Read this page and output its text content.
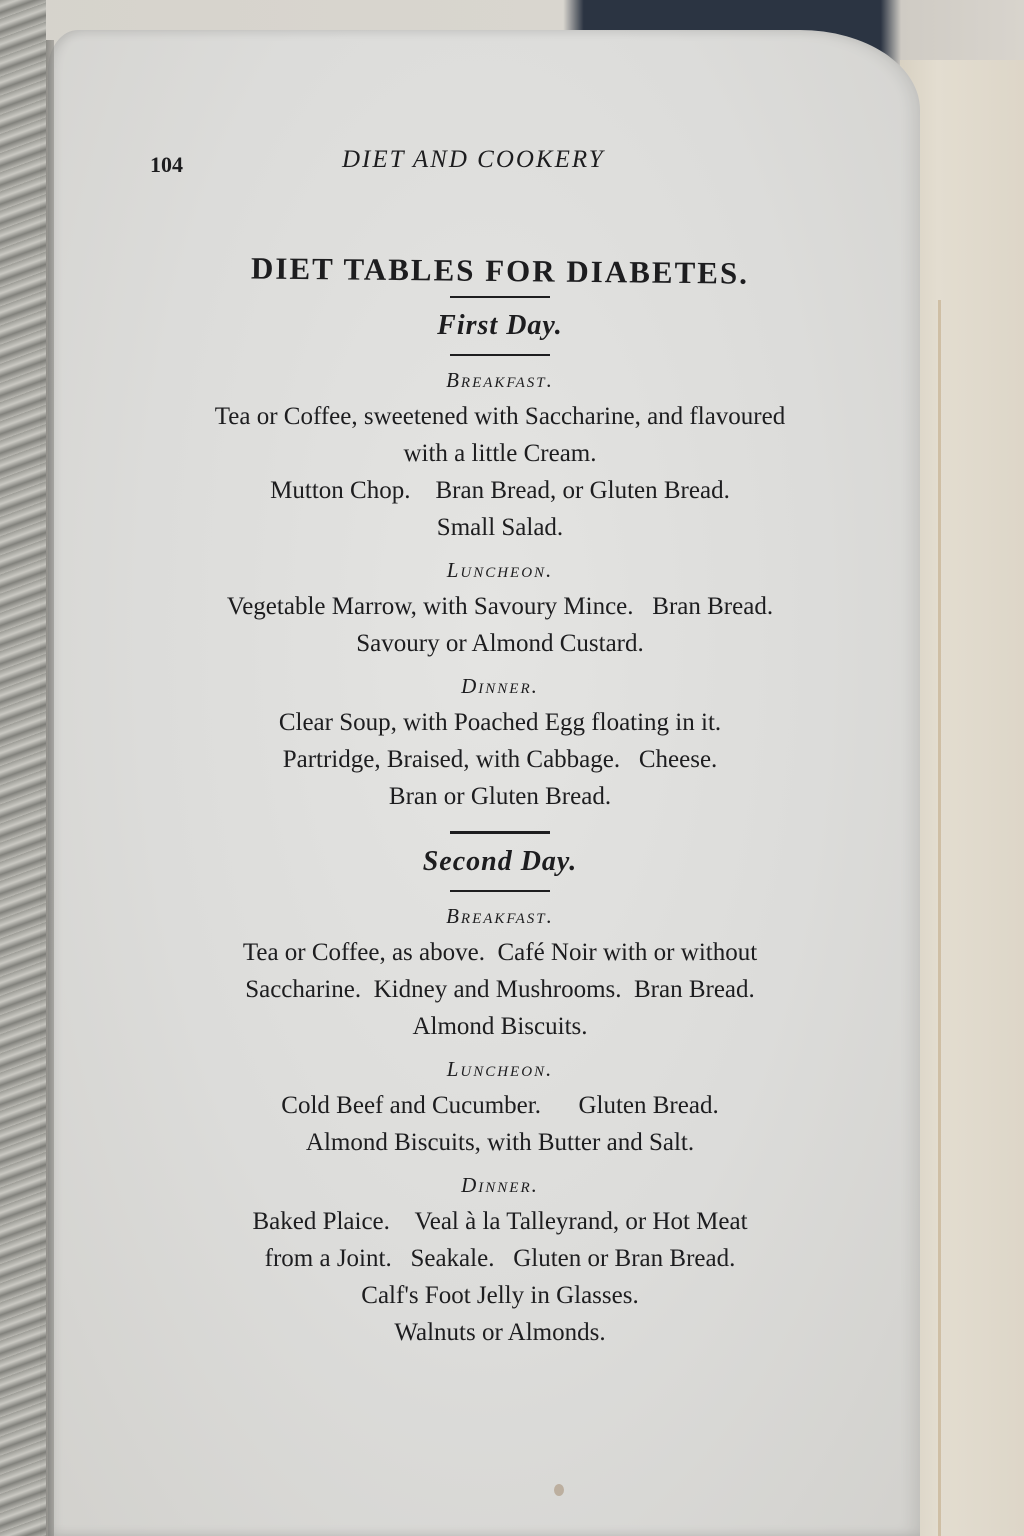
104	DIET AND COOKERY
DIET TABLES FOR DIABETES.
First Day.
Breakfast.

Tea or Coffee, sweetened with Saccharine, and flavoured

with a little Cream.

Mutton Chop.    Bran Bread, or Gluten Bread.

Small Salad.

Luncheon.

Vegetable Marrow, with Savoury Mince.   Bran Bread.

Savoury or Almond Custard.

Dinner.

Clear Soup, with Poached Egg floating in it.

Partridge, Braised, with Cabbage.   Cheese.

Bran or Gluten Bread.

Second Day.
Breakfast.

Tea or Coffee, as above.  Café Noir with or without

Saccharine.  Kidney and Mushrooms.  Bran Bread.

Almond Biscuits.

Luncheon.

Cold Beef and Cucumber.      Gluten Bread.

Almond Biscuits, with Butter and Salt.

Dinner.

Baked Plaice.    Veal à la Talleyrand, or Hot Meat

from a Joint.   Seakale.   Gluten or Bran Bread.

Calf's Foot Jelly in Glasses.

Walnuts or Almonds.
